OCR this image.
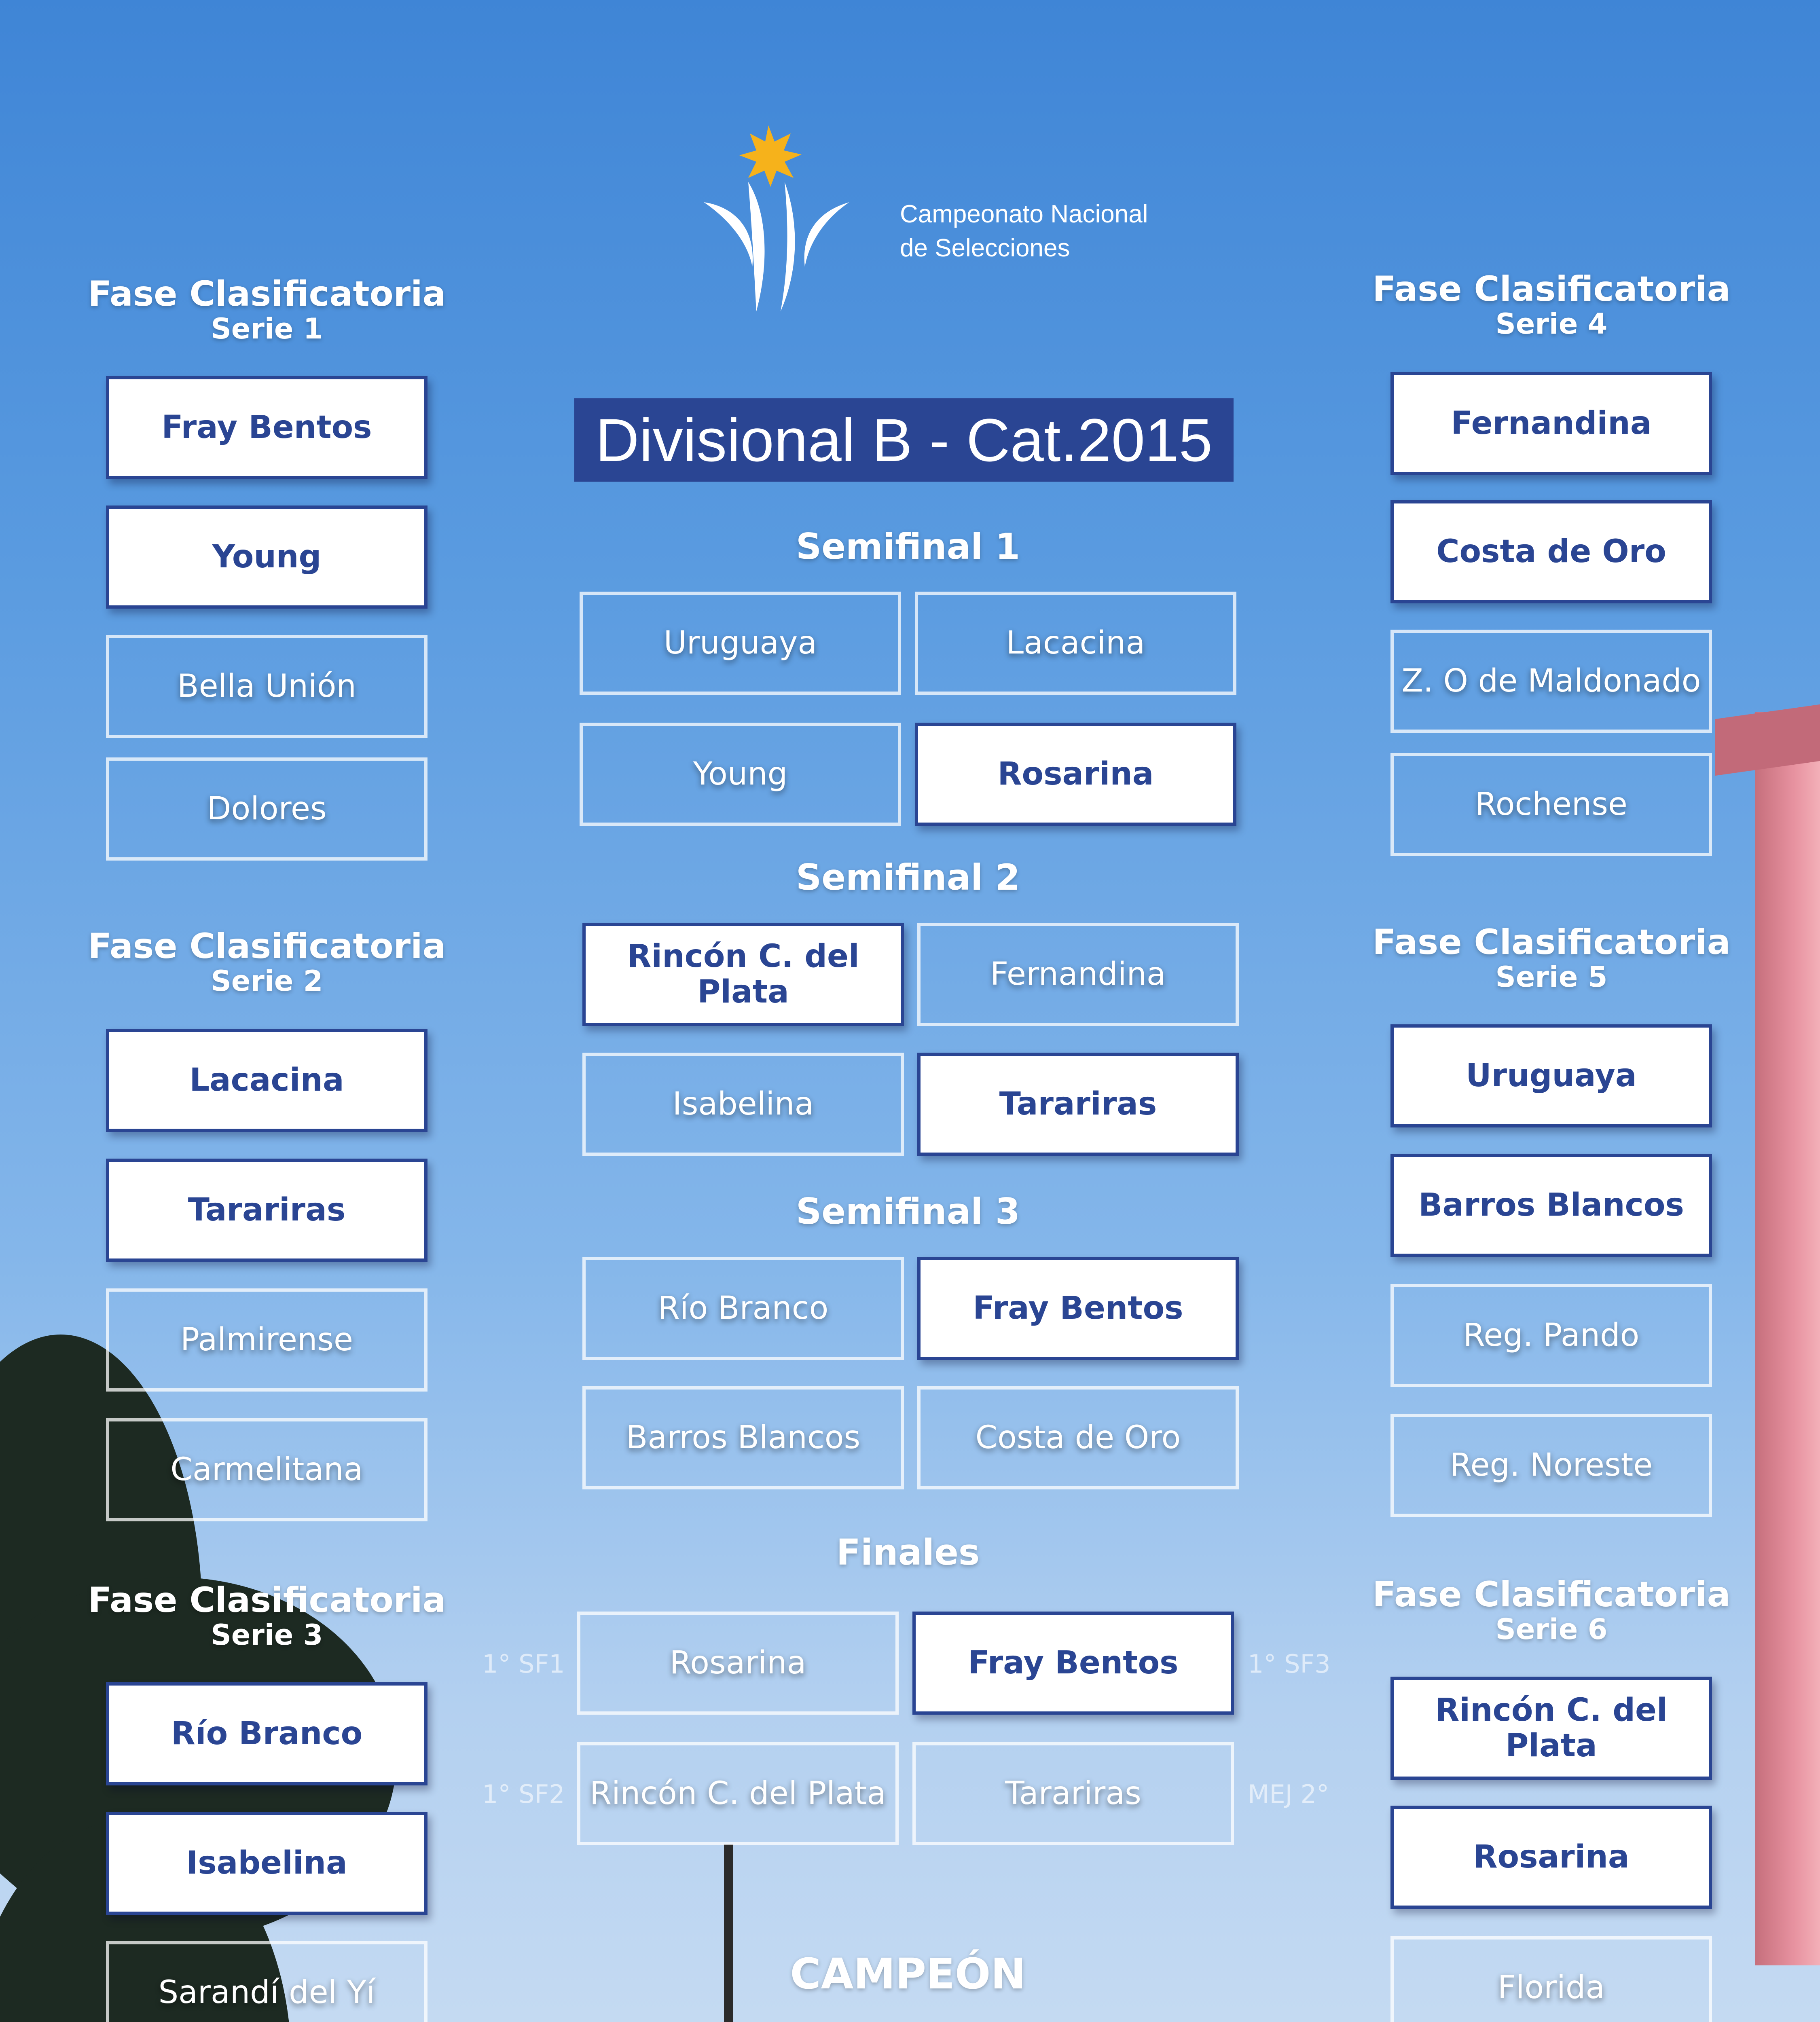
Campeonato Nacional
de Selecciones
Divisional B - Cat.2015
Fase Clasificatoria
Serie 1
Fray Bentos
Young
Bella Unión
Dolores
Fase Clasificatoria
Serie 2
Lacacina
Tarariras
Palmirense
Carmelitana
Fase Clasificatoria
Serie 3
Río Branco
Isabelina
Sarandí del Yí
Fase Clasificatoria
Serie 4
Fernandina
Costa de Oro
Z. O de Maldonado
Rochense
Fase Clasificatoria
Serie 5
Uruguaya
Barros Blancos
Reg. Pando
Reg. Noreste
Fase Clasificatoria
Serie 6
Rincón C. del Plata
Rosarina
Florida
Semifinal 1
Uruguaya	Lacacina
Young	Rosarina
Semifinal 2
Rincón C. del Plata	Fernandina
Isabelina	Tarariras
Semifinal 3
Río Branco	Fray Bentos
Barros Blancos	Costa de Oro
Finales
1° SF1	Rosarina	Fray Bentos	1° SF3
1° SF2 Rincón C. del Plata	Tarariras	MEJ 2°
CAMPEÓN
